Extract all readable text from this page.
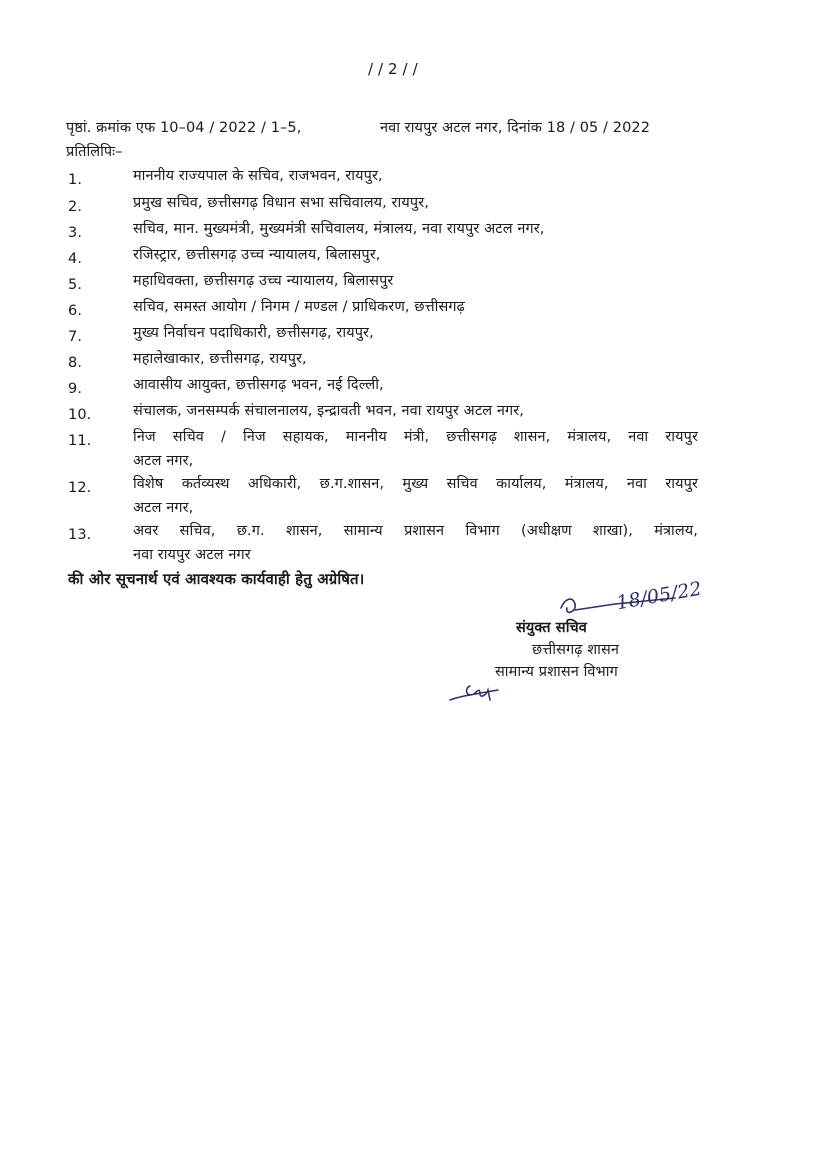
/ / 2 / /
पृष्ठां. क्रमांक एफ 10–04 / 2022 / 1–5,	नवा रायपुर अटल नगर, दिनांक 18 / 05 / 2022
प्रतिलिपिः–
1.	माननीय राज्यपाल के सचिव, राजभवन, रायपुर,
2.	प्रमुख सचिव, छत्तीसगढ़ विधान सभा सचिवालय, रायपुर,
3.	सचिव, मान. मुख्यमंत्री, मुख्यमंत्री सचिवालय, मंत्रालय, नवा रायपुर अटल नगर,
4.	रजिस्ट्रार, छत्तीसगढ़ उच्च न्यायालय, बिलासपुर,
5.	महाधिवक्ता, छत्तीसगढ़ उच्च न्यायालय, बिलासपुर
6.	सचिव, समस्त आयोग / निगम / मण्डल / प्राधिकरण, छत्तीसगढ़
7.	मुख्य निर्वाचन पदाधिकारी, छत्तीसगढ़, रायपुर,
8.	महालेखाकार, छत्तीसगढ़, रायपुर,
9.	आवासीय आयुक्त, छत्तीसगढ़ भवन, नई दिल्ली,
10.	संचालक, जनसम्पर्क संचालनालय, इन्द्रावती भवन, नवा रायपुर अटल नगर,
11.	निज सचिव / निज सहायक, माननीय मंत्री, छत्तीसगढ़ शासन, मंत्रालय, नवा रायपुर
अटल नगर,
12.	विशेष कर्तव्यस्थ अधिकारी, छ.ग.शासन, मुख्य सचिव कार्यालय, मंत्रालय, नवा रायपुर
अटल नगर,
13.	अवर सचिव, छ.ग. शासन, सामान्य प्रशासन विभाग (अधीक्षण शाखा), मंत्रालय,
नवा रायपुर अटल नगर
की ओर सूचनार्थ एवं आवश्यक कार्यवाही हेतु अग्रेषित।	18/05/22
संयुक्त सचिव
छत्तीसगढ़ शासन
सामान्य प्रशासन विभाग
